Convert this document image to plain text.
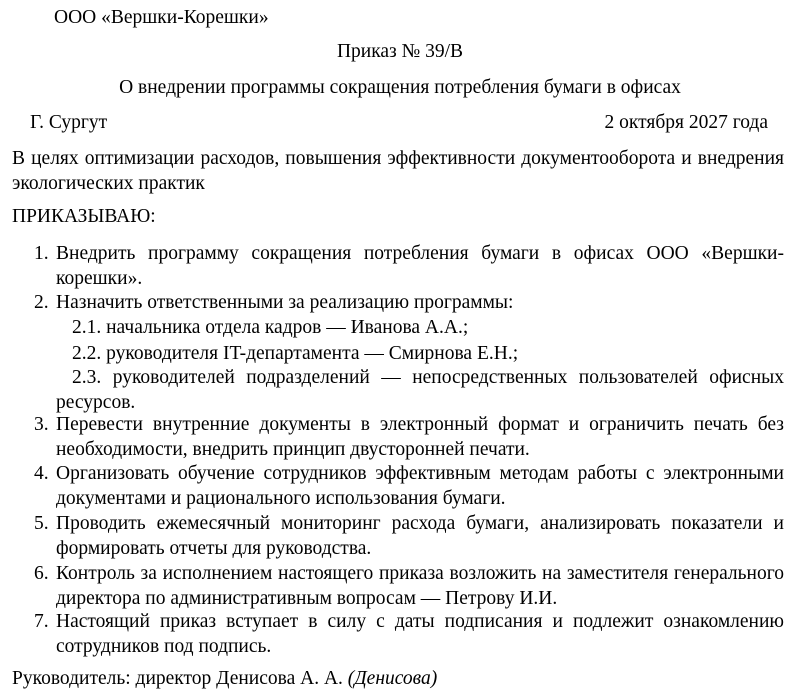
ООО «Вершки-Корешки»
Приказ № 39/В
О внедрении программы сокращения потребления бумаги в офисах
Г. Сургут	2 октября 2027 года
В целях оптимизации расходов, повышения эффективности документооборота и внедрения экологических практик
ПРИКАЗЫВАЮ:
1. Внедрить программу сокращения потребления бумаги в офисах ООО «Вершки-корешки».
2. Назначить ответственными за реализацию программы:
2.1. начальника отдела кадров — Иванова А.А.;
2.2. руководителя IT-департамента — Смирнова Е.Н.;
2.3. руководителей подразделений — непосредственных пользователей офисных ресурсов.
3. Перевести внутренние документы в электронный формат и ограничить печать без необходимости, внедрить принцип двусторонней печати.
4. Организовать обучение сотрудников эффективным методам работы с электронными документами и рационального использования бумаги.
5. Проводить ежемесячный мониторинг расхода бумаги, анализировать показатели и формировать отчеты для руководства.
6. Контроль за исполнением настоящего приказа возложить на заместителя генерального директора по административным вопросам — Петрову И.И.
7. Настоящий приказ вступает в силу с даты подписания и подлежит ознакомлению сотрудников под подпись.
Руководитель: директор Денисова А. А. (Денисова)
